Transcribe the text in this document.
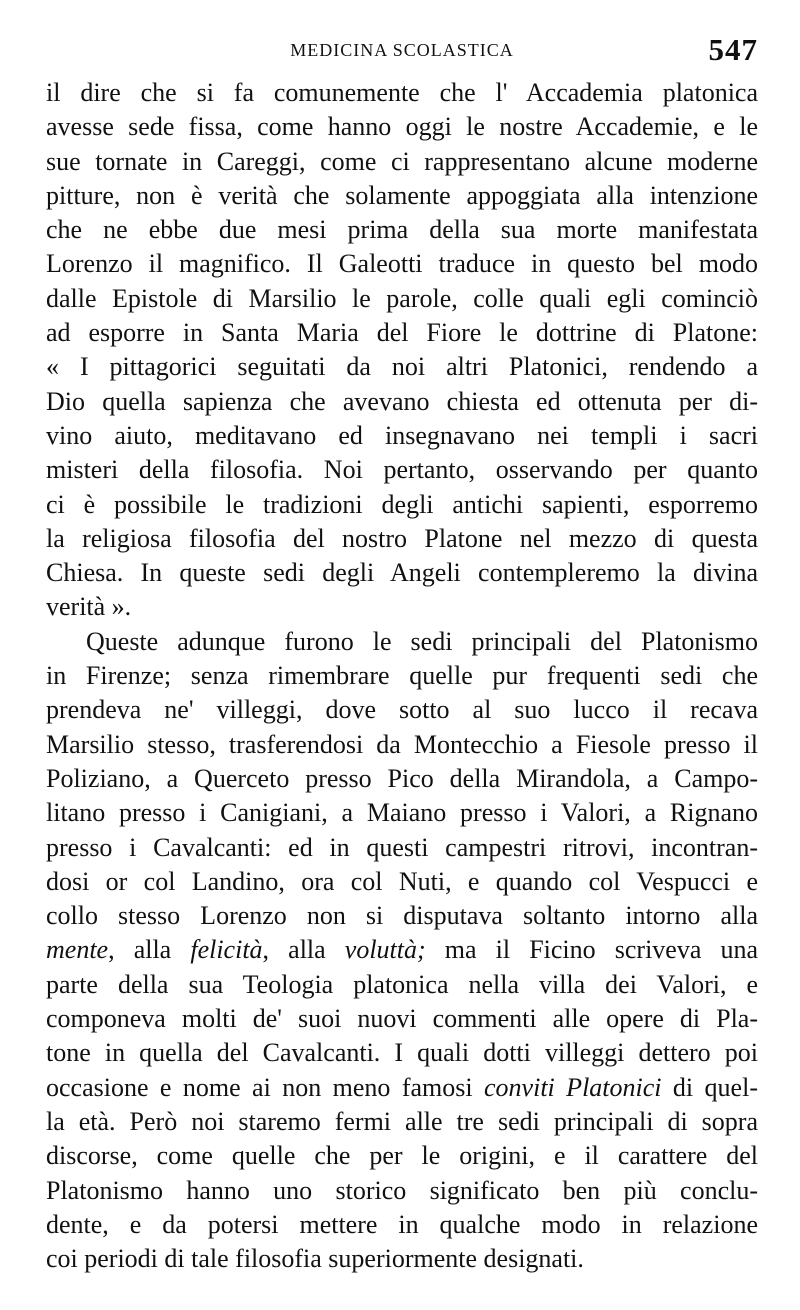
MEDICINA SCOLASTICA	547
il dire che si fa comunemente che l' Accademia platonica
avesse sede fissa, come hanno oggi le nostre Accademie, e le
sue tornate in Careggi, come ci rappresentano alcune moderne
pitture, non è verità che solamente appoggiata alla intenzione
che ne ebbe due mesi prima della sua morte manifestata
Lorenzo il magnifico. Il Galeotti traduce in questo bel modo
dalle Epistole di Marsilio le parole, colle quali egli cominciò
ad esporre in Santa Maria del Fiore le dottrine di Platone:
« I pittagorici seguitati da noi altri Platonici, rendendo a
Dio quella sapienza che avevano chiesta ed ottenuta per di-
vino aiuto, meditavano ed insegnavano nei templi i sacri
misteri della filosofia. Noi pertanto, osservando per quanto
ci è possibile le tradizioni degli antichi sapienti, esporremo
la religiosa filosofia del nostro Platone nel mezzo di questa
Chiesa. In queste sedi degli Angeli contempleremo la divina
verità ».
Queste adunque furono le sedi principali del Platonismo
in Firenze; senza rimembrare quelle pur frequenti sedi che
prendeva ne' villeggi, dove sotto al suo lucco il recava
Marsilio stesso, trasferendosi da Montecchio a Fiesole presso il
Poliziano, a Querceto presso Pico della Mirandola, a Campo-
litano presso i Canigiani, a Maiano presso i Valori, a Rignano
presso i Cavalcanti: ed in questi campestri ritrovi, incontran-
dosi or col Landino, ora col Nuti, e quando col Vespucci e
collo stesso Lorenzo non si disputava soltanto intorno alla
mente, alla felicità, alla voluttà; ma il Ficino scriveva una
parte della sua Teologia platonica nella villa dei Valori, e
componeva molti de' suoi nuovi commenti alle opere di Pla-
tone in quella del Cavalcanti. I quali dotti villeggi dettero poi
occasione e nome ai non meno famosi conviti Platonici di quel-
la età. Però noi staremo fermi alle tre sedi principali di sopra
discorse, come quelle che per le origini, e il carattere del
Platonismo hanno uno storico significato ben più conclu-
dente, e da potersi mettere in qualche modo in relazione
coi periodi di tale filosofia superiormente designati.
